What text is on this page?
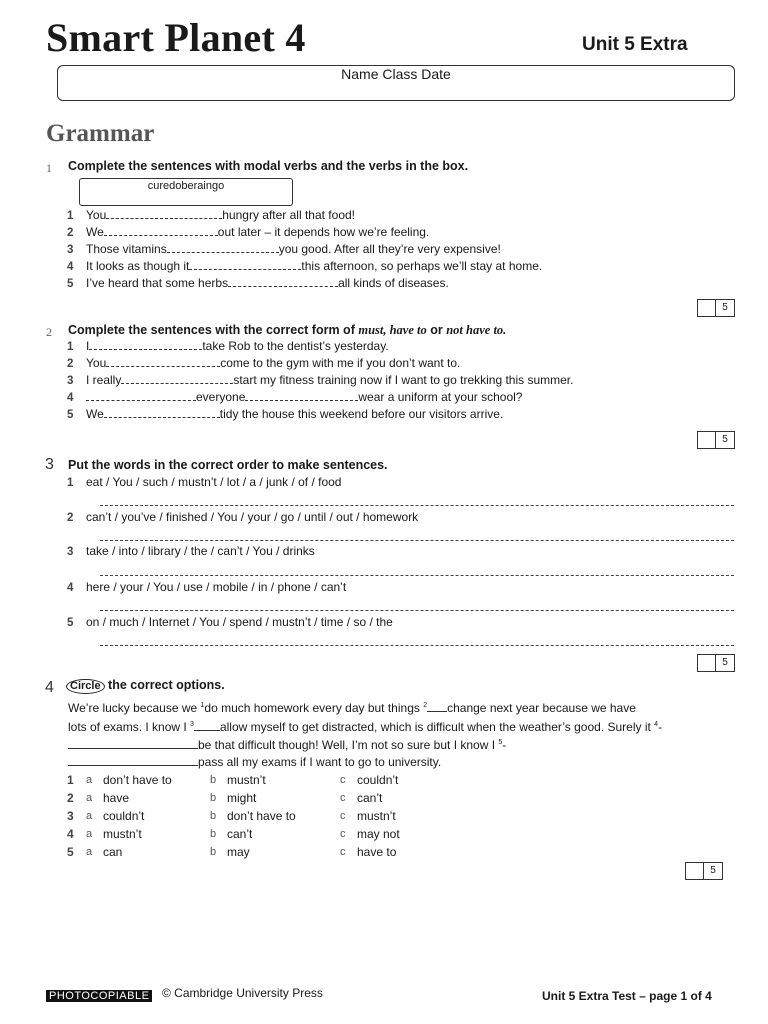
Smart Planet 4	Unit 5 Extra
Name Class Date
Grammar
1 Complete the sentences with modal verbs and the verbs in the box.
curedoberaingo
1	You	hungry after all that food!
2	We	out later – it depends how we’re feeling.
3	Those vitamins	you good. After all they’re very expensive!
4	It looks as though it	this afternoon, so perhaps we’ll stay at home.
5	I’ve heard that some herbs	all kinds of diseases.
5
2 Complete the sentences with the correct form of must, have to or not have to.
1	I	take Rob to the dentist’s yesterday.
2	You	come to the gym with me if you don’t want to.
3	I really	start my fitness training now if I want to go trekking this summer.
4	everyone	wear a uniform at your school?
5	We	tidy the house this weekend before our visitors arrive.
5
3 Put the words in the correct order to make sentences.
1	eat / You / such / mustn’t / lot / a / junk / of / food
2	can’t / you’ve / finished / You / your / go / until / out / homework
3	take / into / library / the / can’t / You / drinks
4	here / your / You / use / mobile / in / phone / can’t
5	on / much / Internet / You / spend / mustn’t / time / so / the
5
4	Circle the correct options.
We’re lucky because we $^1$do much homework every day but things $^2$ change next year because we have
lots of exams. I know I $^3$ allow myself to get distracted, which is difficult when the weather’s good. Surely it $^4$-
be that difficult though! Well, I’m not so sure but I know I $^5$-
pass all my exams if I want to go to university.
1	a don’t have to	b mustn’t	c couldn’t
2	a have	b might	c can’t
3	a couldn’t	b don’t have to	c mustn’t
4	a mustn’t	b can’t	c may not
5	a can	b may	c have to
5
PHOTOCOPIABLE © Cambridge University Press	Unit 5 Extra Test – page 1 of 4
